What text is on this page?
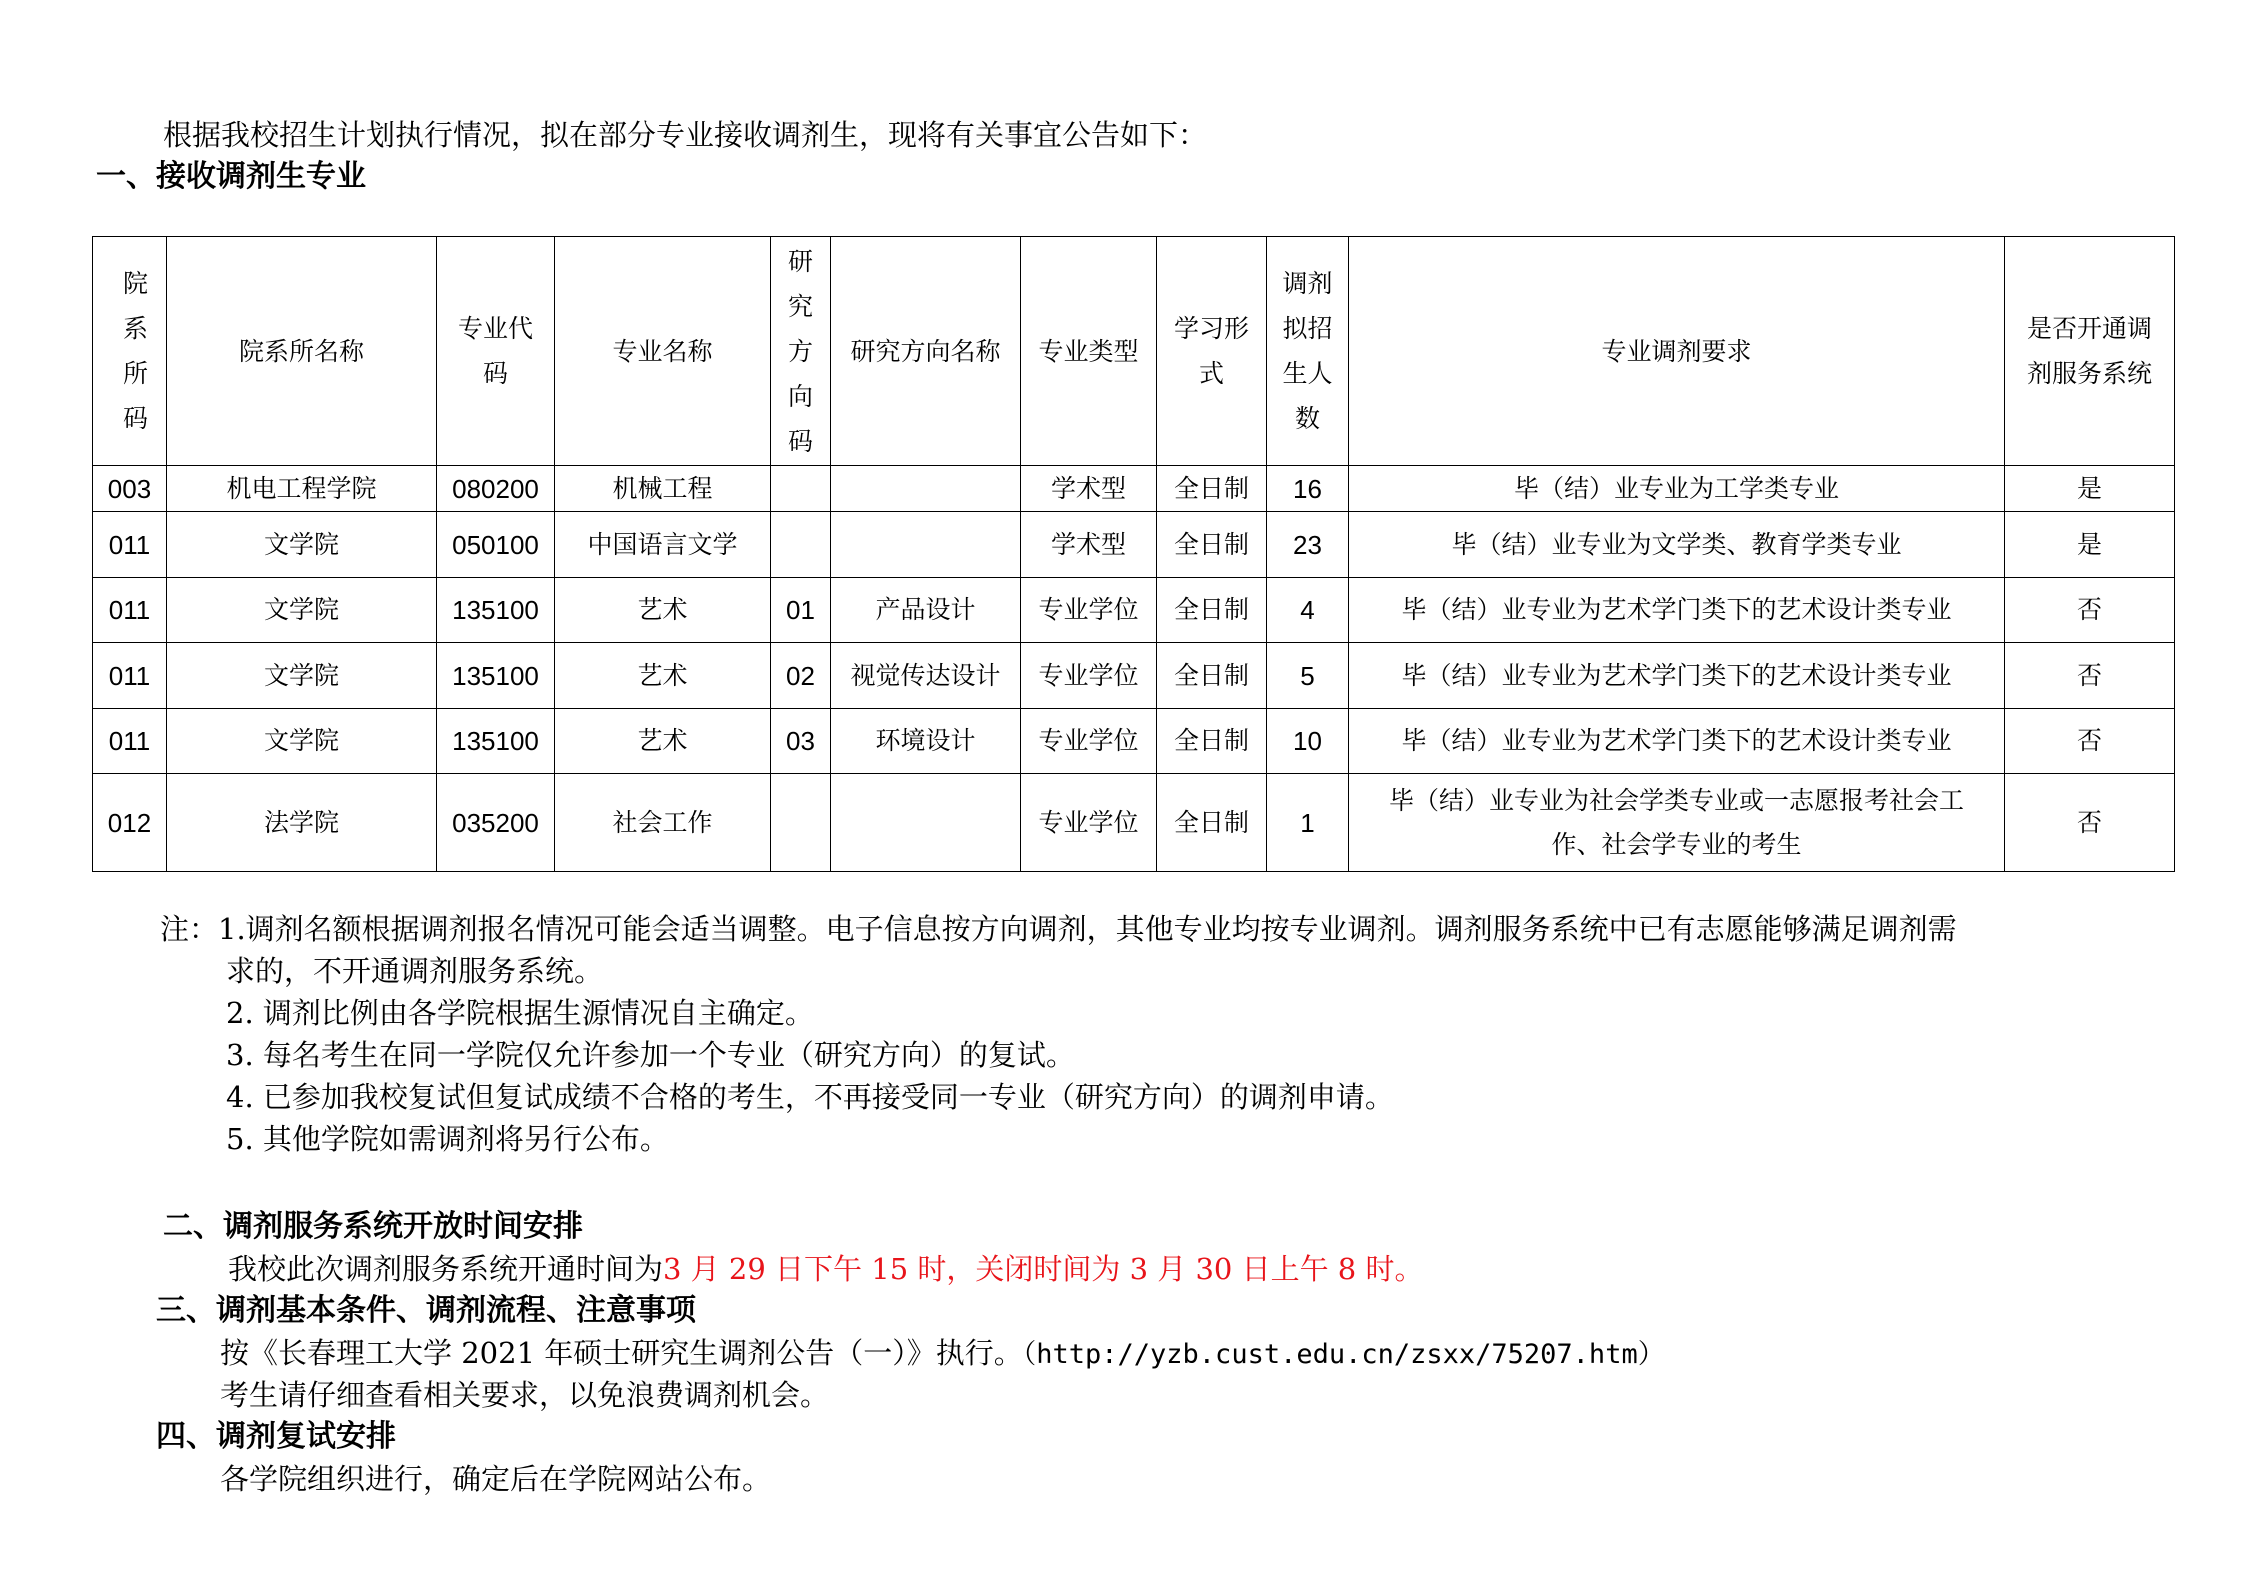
根据我校招生计划执行情况，拟在部分专业接收调剂生，现将有关事宜公告如下：
一、接收调剂生专业
院系所码	院系所名称	专业代码	专业名称	研究方向码	研究方向名称	专业类型	学习形式	调剂拟招生人数	专业调剂要求	是否开通调剂服务系统
003	机电工程学院	080200	机械工程			学术型	全日制	16	毕（结）业专业为工学类专业	是
011	文学院	050100	中国语言文学			学术型	全日制	23	毕（结）业专业为文学类、教育学类专业	是
011	文学院	135100	艺术	01	产品设计	专业学位	全日制	4	毕（结）业专业为艺术学门类下的艺术设计类专业	否
011	文学院	135100	艺术	02	视觉传达设计	专业学位	全日制	5	毕（结）业专业为艺术学门类下的艺术设计类专业	否
011	文学院	135100	艺术	03	环境设计	专业学位	全日制	10	毕（结）业专业为艺术学门类下的艺术设计类专业	否
012	法学院	035200	社会工作			专业学位	全日制	1	毕（结）业专业为社会学类专业或一志愿报考社会工作、社会学专业的考生	否
注：1.调剂名额根据调剂报名情况可能会适当调整。电子信息按方向调剂，其他专业均按专业调剂。调剂服务系统中已有志愿能够满足调剂需
求的，不开通调剂服务系统。
2. 调剂比例由各学院根据生源情况自主确定。
3. 每名考生在同一学院仅允许参加一个专业（研究方向）的复试。
4. 已参加我校复试但复试成绩不合格的考生，不再接受同一专业（研究方向）的调剂申请。
5. 其他学院如需调剂将另行公布。
二、调剂服务系统开放时间安排
我校此次调剂服务系统开通时间为3 月 29 日下午 15 时，关闭时间为 3 月 30 日上午 8 时。
三、调剂基本条件、调剂流程、注意事项
按《长春理工大学 2021 年硕士研究生调剂公告（一）》执行。（http://yzb.cust.edu.cn/zsxx/75207.htm）
考生请仔细查看相关要求，以免浪费调剂机会。
四、调剂复试安排
各学院组织进行，确定后在学院网站公布。
